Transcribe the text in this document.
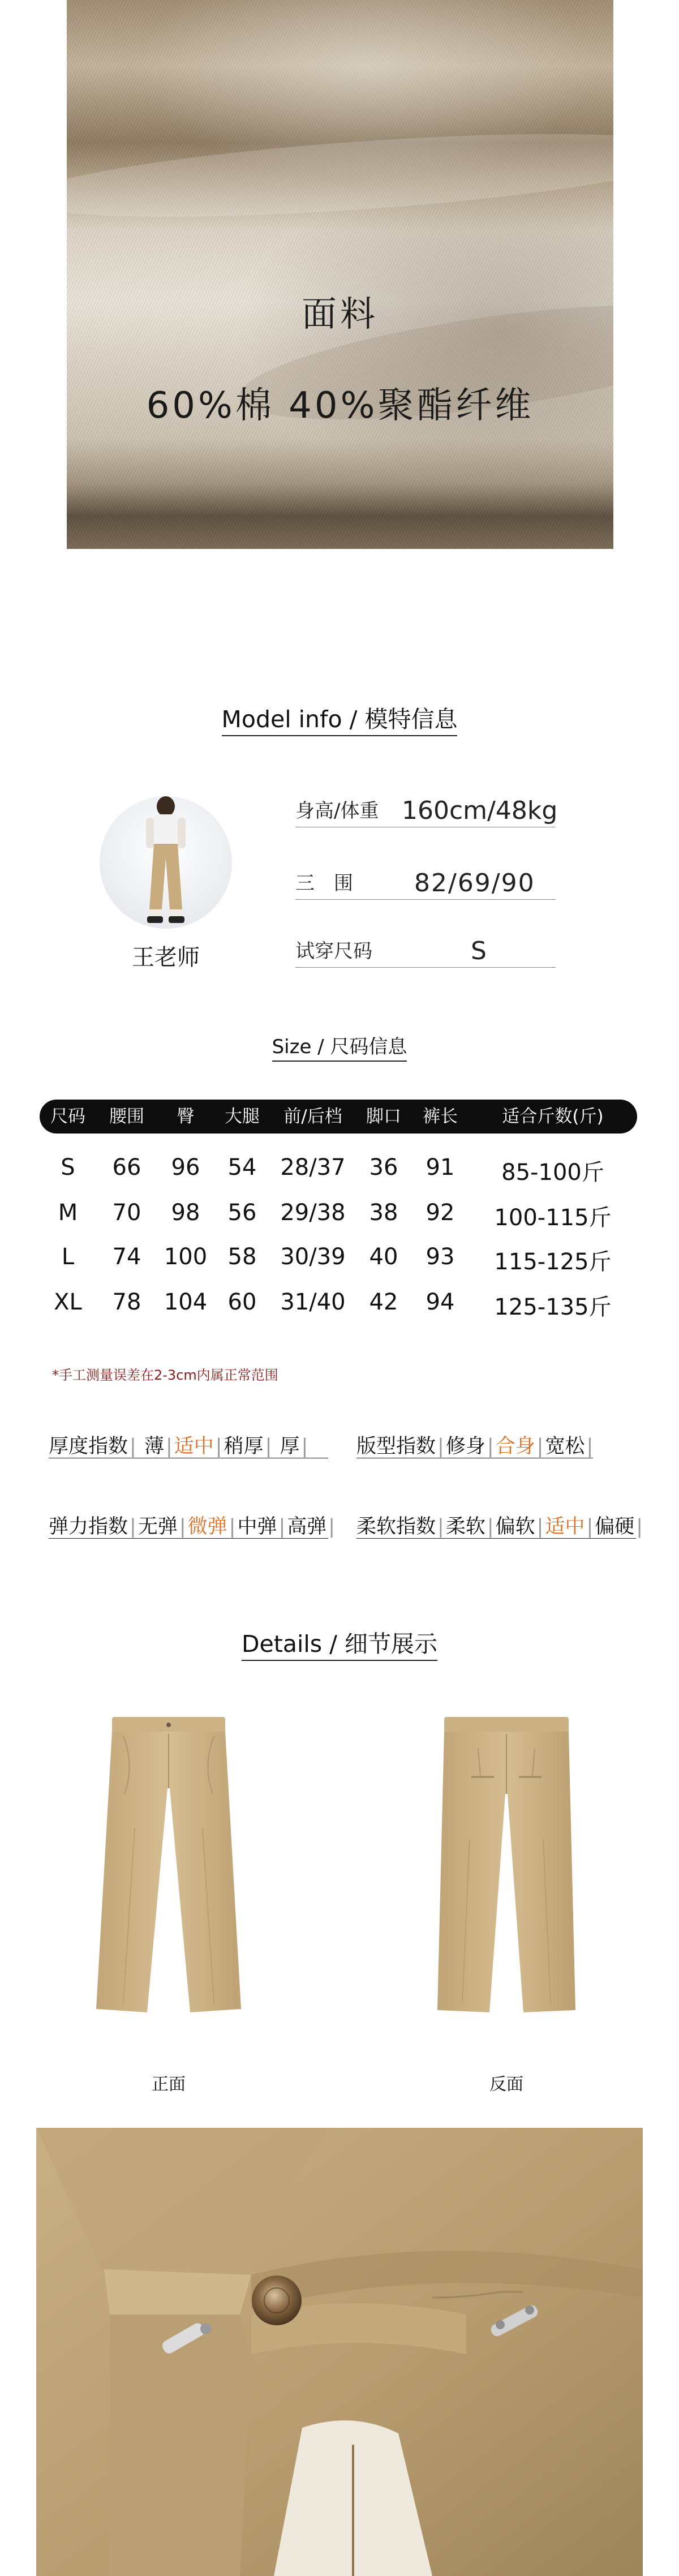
面料
60%棉 40%聚酯纤维
Model info / 模特信息
王老师
身高/体重 160cm/48kg
三　围 82/69/90
试穿尺码	S
Size / 尺码信息
尺码	腰围	臀	大腿	前/后档	脚口	裤长	适合斤数(斤)
S	66	96	54	28/37	36	91	85-100斤
M	70	98	56	29/38	38	92	100-115斤
L	74	100 58	30/39	40	93	115-125斤
XL	78	104 60	31/40	42	94	125-135斤
*手工测量误差在2-3cm内属正常范围
厚度指数| 薄|适中|稍厚| 厚| 版型指数|修身|合身|宽松|
弹力指数|无弹|微弹|中弹|高弹| 柔软指数|柔软|偏软|适中|偏硬|
Details / 细节展示
正面	反面
